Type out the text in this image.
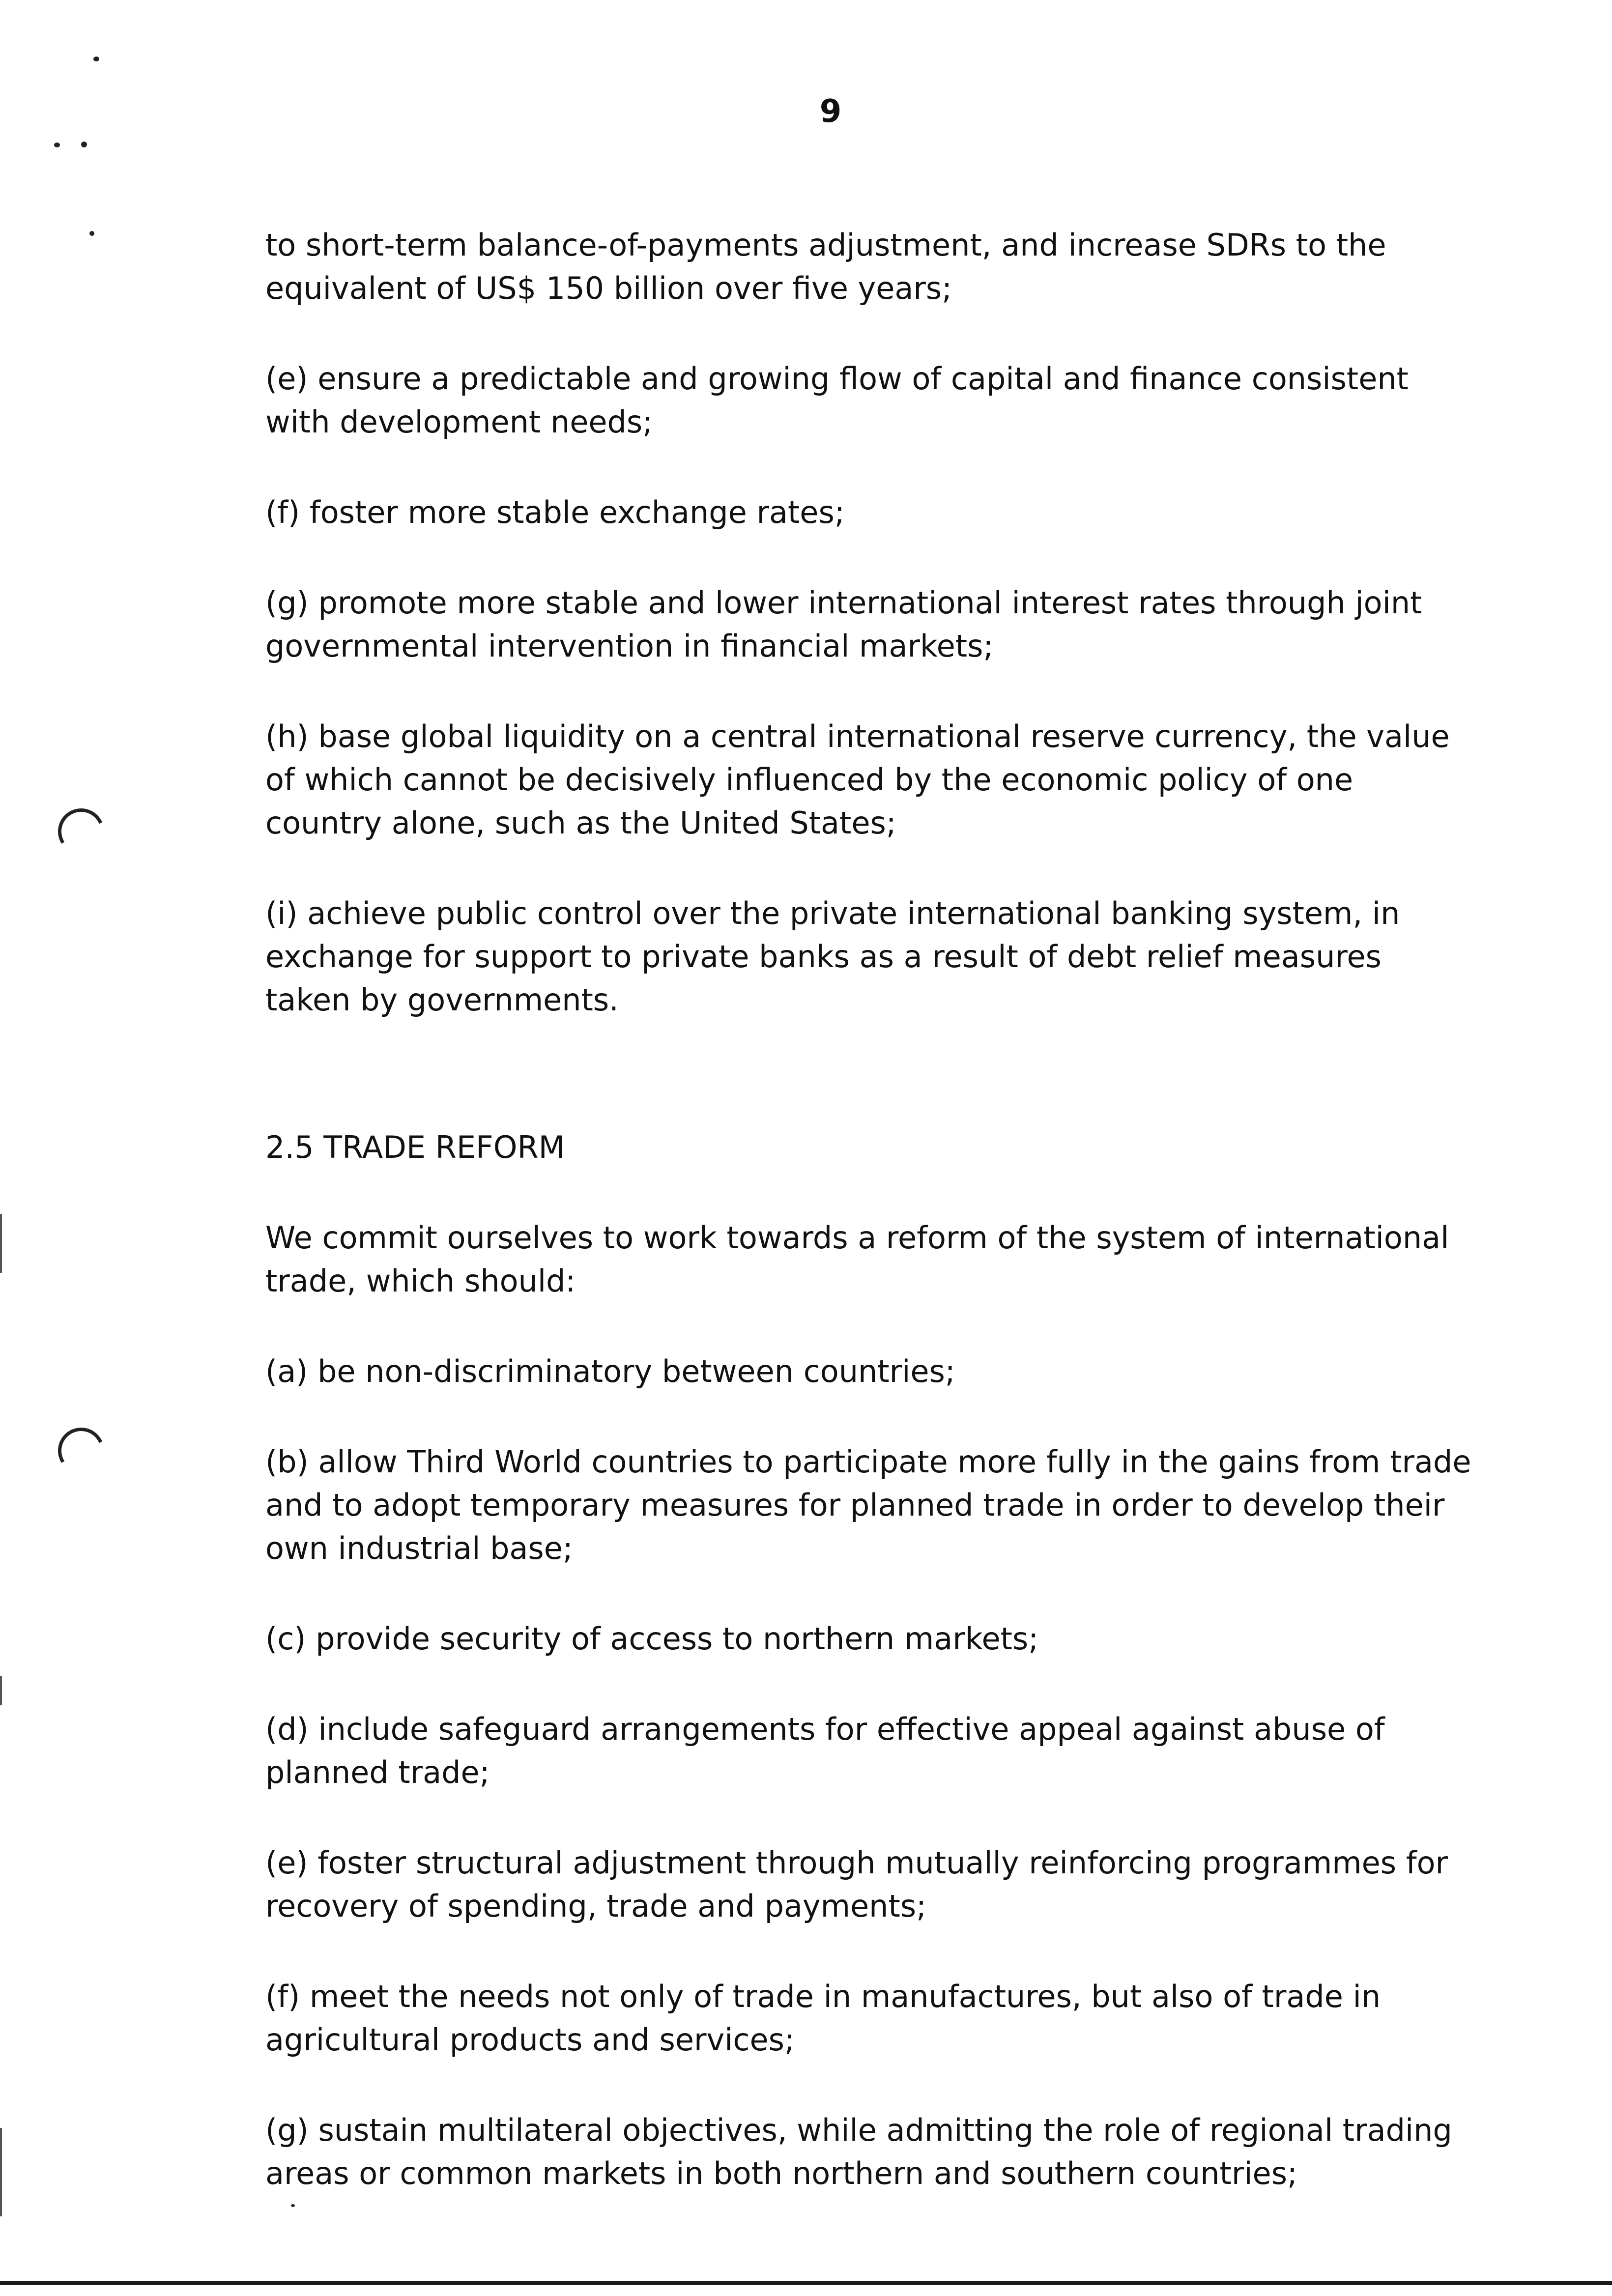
9

to short-term balance-of-payments adjustment, and increase SDRs to the equivalent of US$ 150 billion over five years;

(e) ensure a predictable and growing flow of capital and finance consistent with development needs;

(f) foster more stable exchange rates;

(g) promote more stable and lower international interest rates through joint governmental intervention in financial markets;

(h) base global liquidity on a central international reserve currency, the value of which cannot be decisively influenced by the economic policy of one country alone, such as the United States;

(i) achieve public control over the private international banking system, in exchange for support to private banks as a result of debt relief measures taken by governments.

2.5 TRADE REFORM

We commit ourselves to work towards a reform of the system of international trade, which should:

(a) be non-discriminatory between countries;

(b) allow Third World countries to participate more fully in the gains from trade and to adopt temporary measures for planned trade in order to develop their own industrial base;

(c) provide security of access to northern markets;

(d) include safeguard arrangements for effective appeal against abuse of planned trade;

(e) foster structural adjustment through mutually reinforcing programmes for recovery of spending, trade and payments;

(f) meet the needs not only of trade in manufactures, but also of trade in agricultural products and services;

(g) sustain multilateral objectives, while admitting the role of regional trading areas or common markets in both northern and southern countries;
